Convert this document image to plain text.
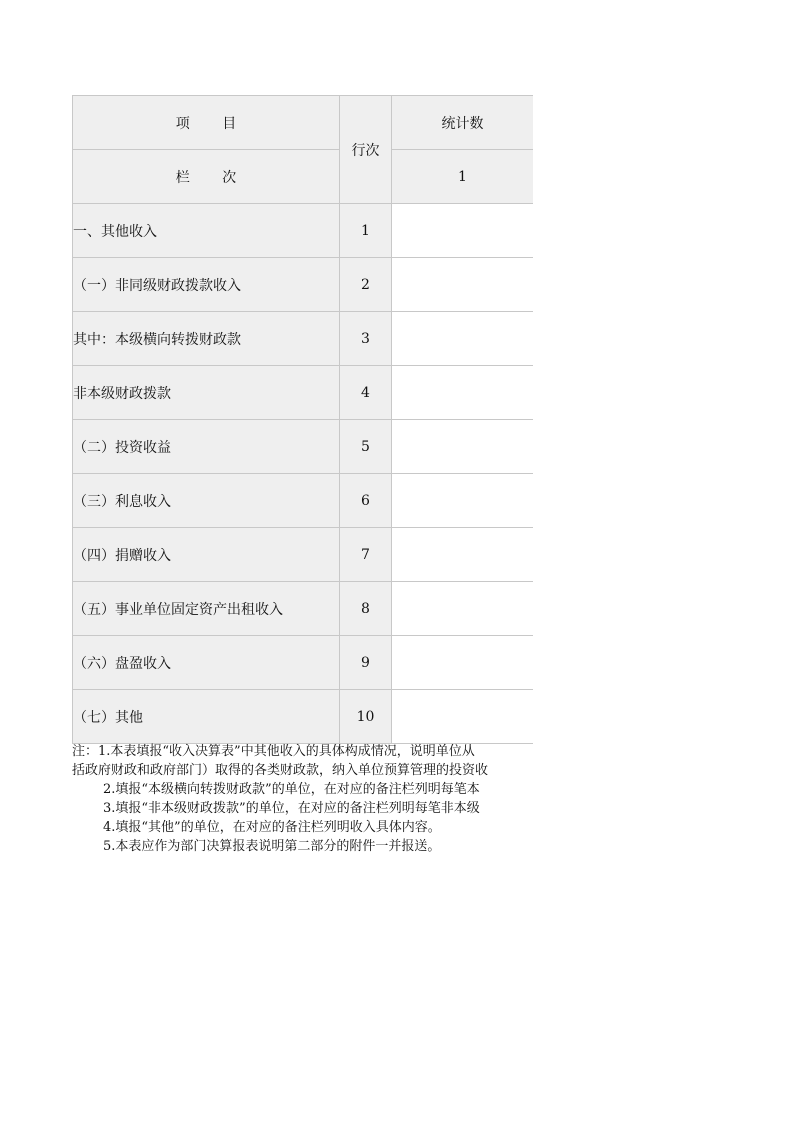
项 目	行次	统计数
栏 次		1
一、其他收入	1	
（一）非同级财政拨款收入	2	
其中：本级横向转拨财政款	3	
非本级财政拨款	4	
（二）投资收益	5	
（三）利息收入	6	
（四）捐赠收入	7	
（五）事业单位固定资产出租收入	8	
（六）盘盈收入	9	
（七）其他	10	
注：1.本表填报“收入决算表”中其他收入的具体构成情况，说明单位从
括政府财政和政府部门）取得的各类财政款，纳入单位预算管理的投资收
2.填报“本级横向转拨财政款”的单位，在对应的备注栏列明每笔本
3.填报“非本级财政拨款”的单位，在对应的备注栏列明每笔非本级
4.填报“其他”的单位，在对应的备注栏列明收入具体内容。
5.本表应作为部门决算报表说明第二部分的附件一并报送。
